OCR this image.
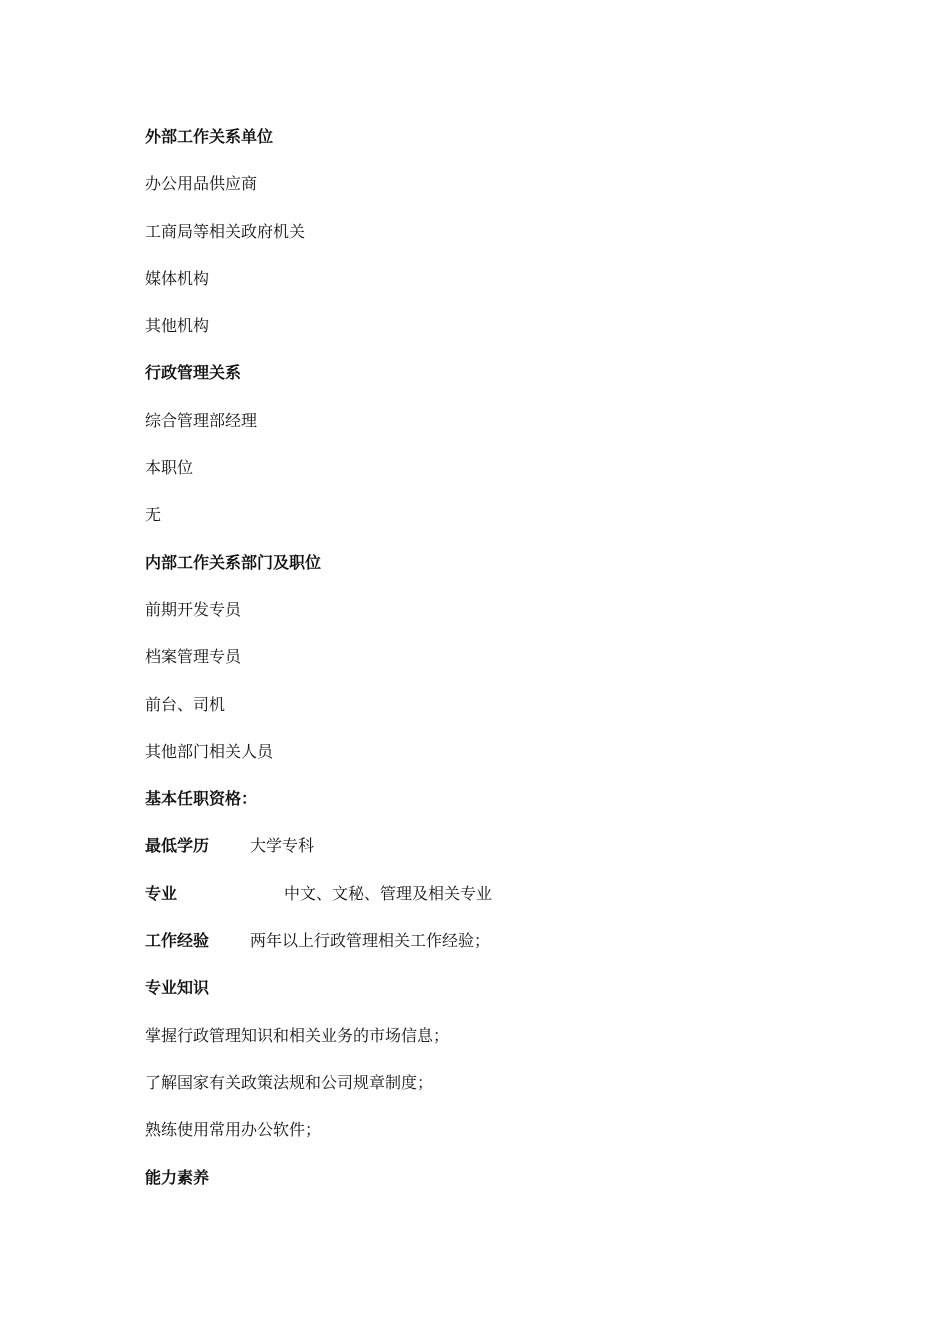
外部工作关系单位
办公用品供应商
工商局等相关政府机关
媒体机构
其他机构
行政管理关系
综合管理部经理
本职位
无
内部工作关系部门及职位
前期开发专员
档案管理专员
前台、司机
其他部门相关人员
基本任职资格：
最低学历	大学专科
专业	中文、文秘、管理及相关专业
工作经验	两年以上行政管理相关工作经验；
专业知识
掌握行政管理知识和相关业务的市场信息；
了解国家有关政策法规和公司规章制度；
熟练使用常用办公软件；
能力素养
